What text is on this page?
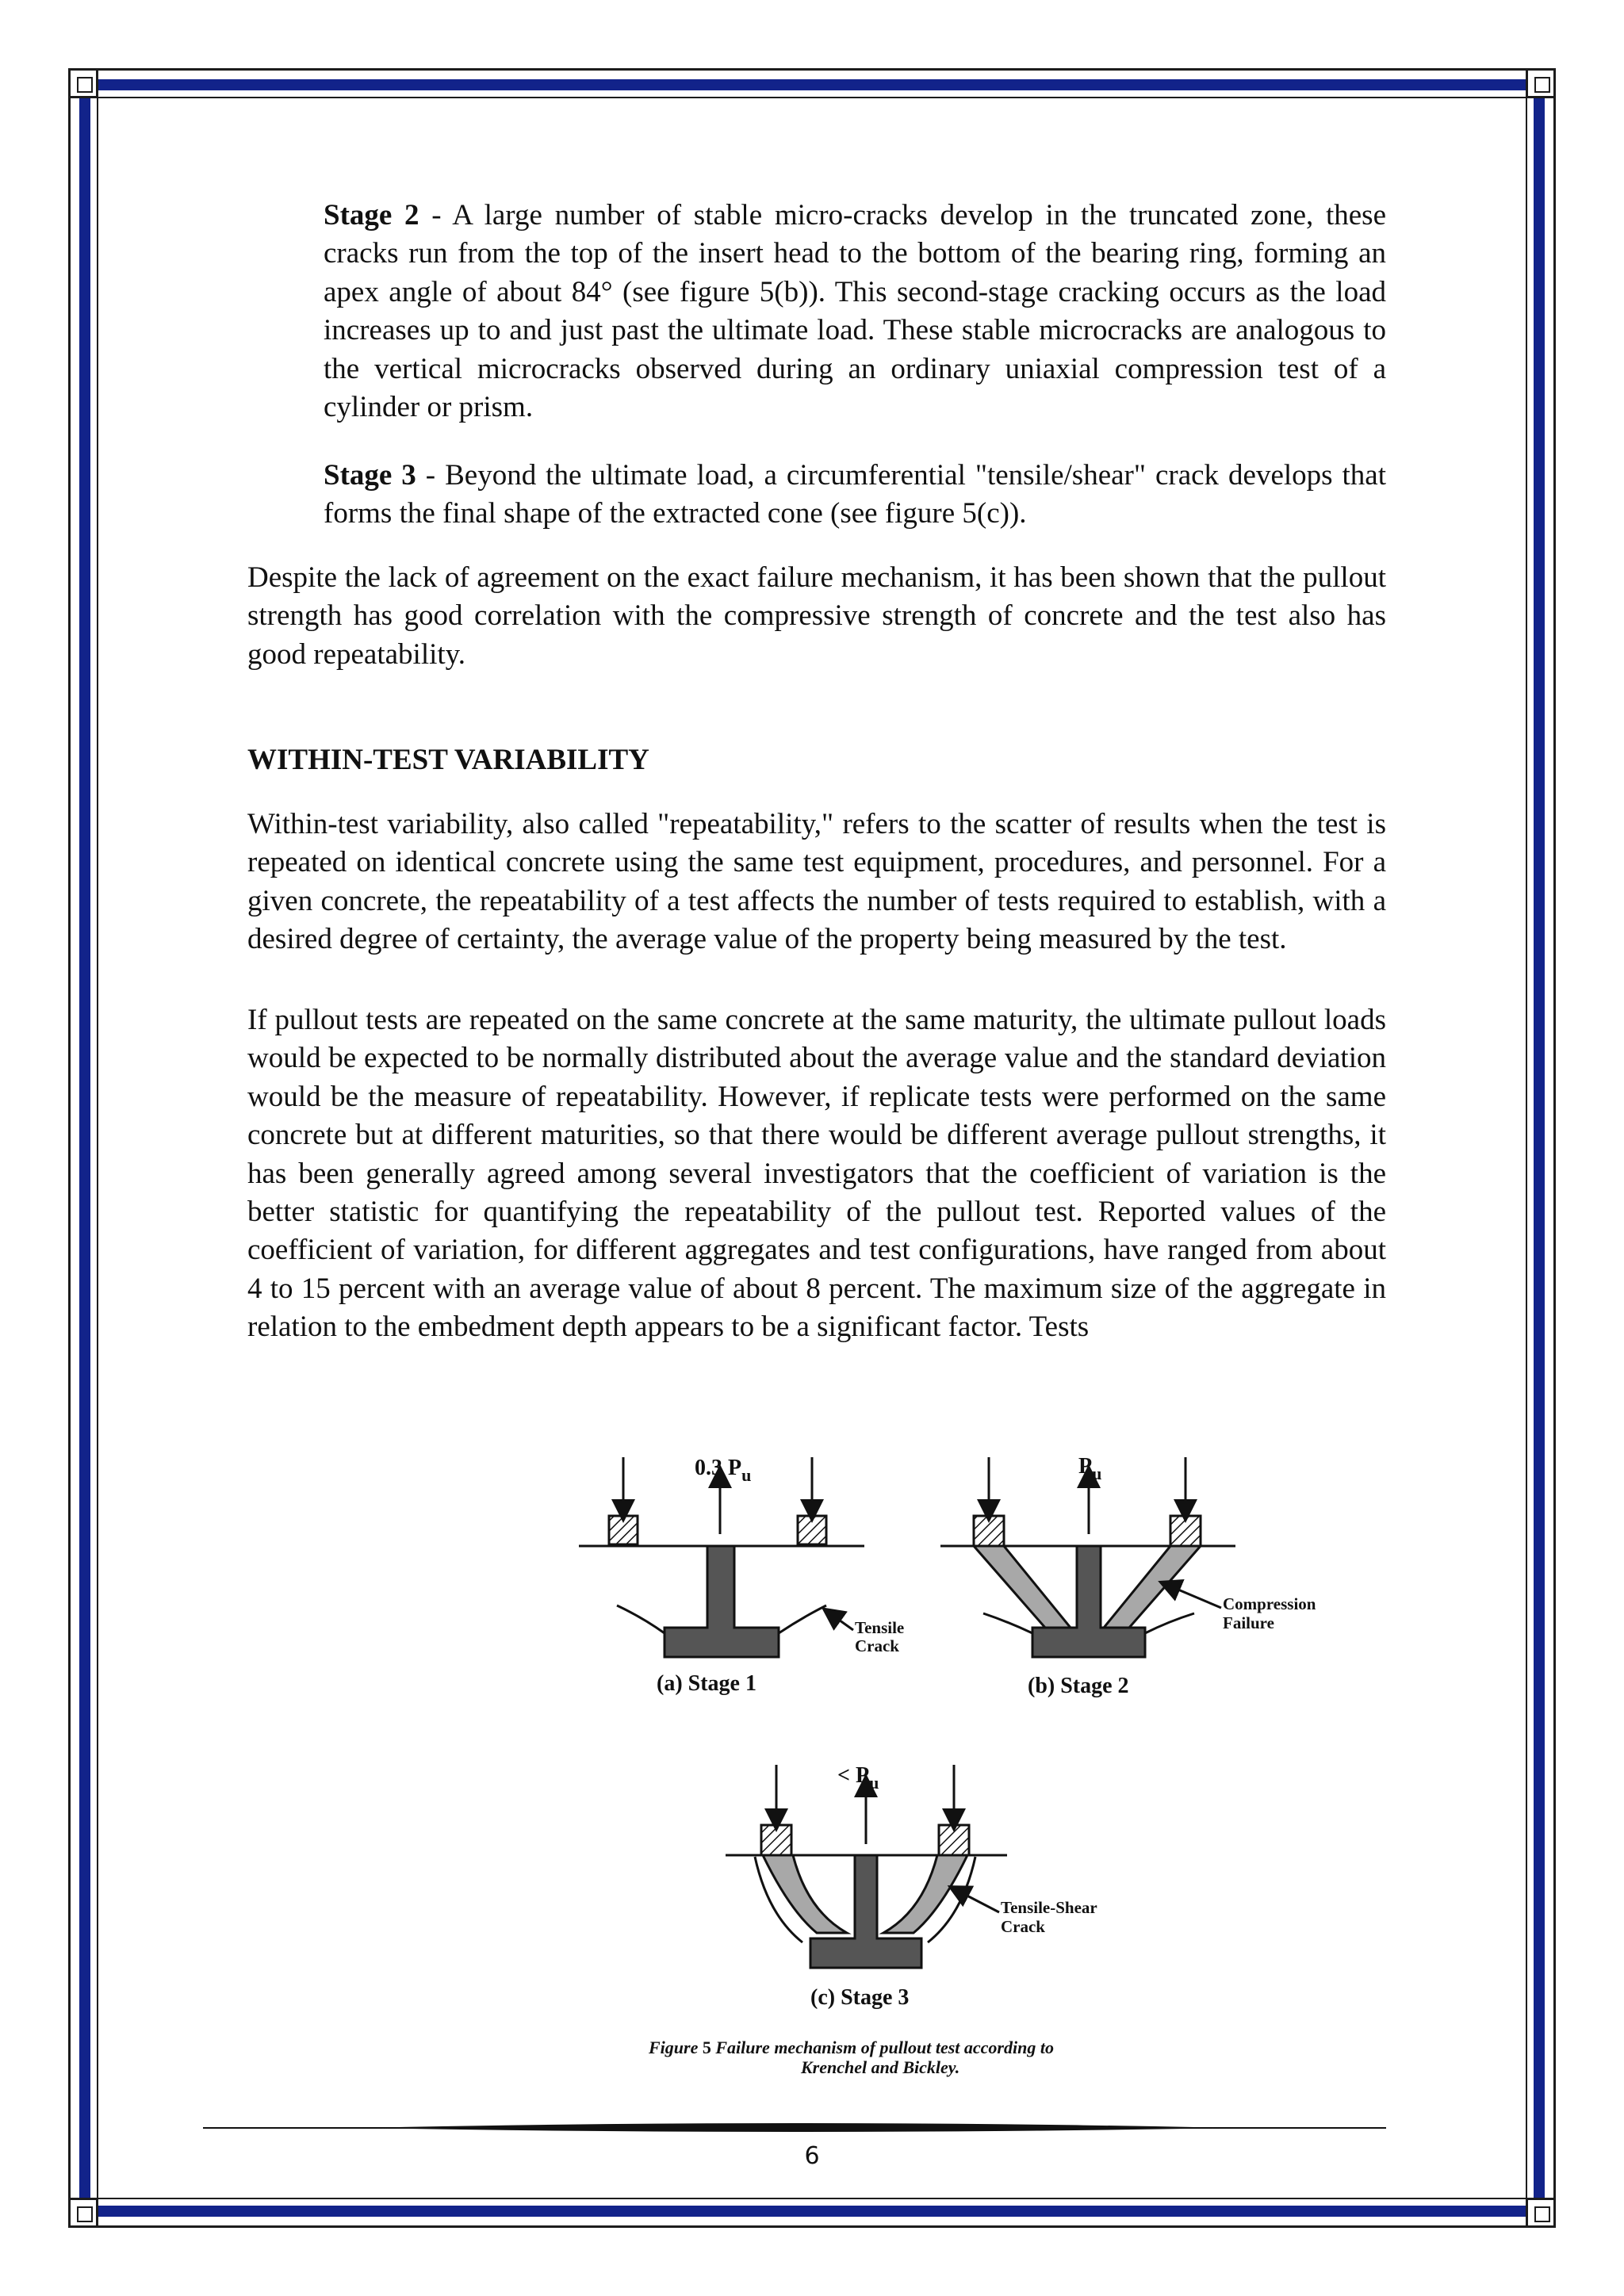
Stage 2 - A large number of stable micro-cracks develop in the truncated zone, these cracks run from the top of the insert head to the bottom of the bearing ring, forming an apex angle of about 84° (see figure 5(b)). This second-stage cracking occurs as the load increases up to and just past the ultimate load. These stable microcracks are analogous to the vertical microcracks observed during an ordinary uniaxial compression test of a cylinder or prism.

Stage 3 - Beyond the ultimate load, a circumferential "tensile/shear" crack develops that forms the final shape of the extracted cone (see figure 5(c)).

Despite the lack of agreement on the exact failure mechanism, it has been shown that the pullout strength has good correlation with the compressive strength of concrete and the test also has good repeatability.

WITHIN-TEST VARIABILITY

Within-test variability, also called "repeatability," refers to the scatter of results when the test is repeated on identical concrete using the same test equipment, procedures, and personnel. For a given concrete, the repeatability of a test affects the number of tests required to establish, with a desired degree of certainty, the average value of the property being measured by the test.

If pullout tests are repeated on the same concrete at the same maturity, the ultimate pullout loads would be expected to be normally distributed about the average value and the standard deviation would be the measure of repeatability. However, if replicate tests were performed on the same concrete but at different maturities, so that there would be different average pullout strengths, it has been generally agreed among several investigators that the coefficient of variation is the better statistic for quantifying the repeatability of the pullout test. Reported values of the coefficient of variation, for different aggregates and test configurations, have ranged from about 4 to 15 percent with an average value of about 8 percent. The maximum size of the aggregate in relation to the embedment depth appears to be a significant factor. Tests

0.3 $P_u$
Tensile
Crack
(a) Stage 1
$P_u$
Compression
Failure
(b) Stage 2
< $P_u$
Tensile-Shear
Crack
(c) Stage 3
Figure 5 Failure mechanism of pullout test according to
Krenchel and Bickley.
6
